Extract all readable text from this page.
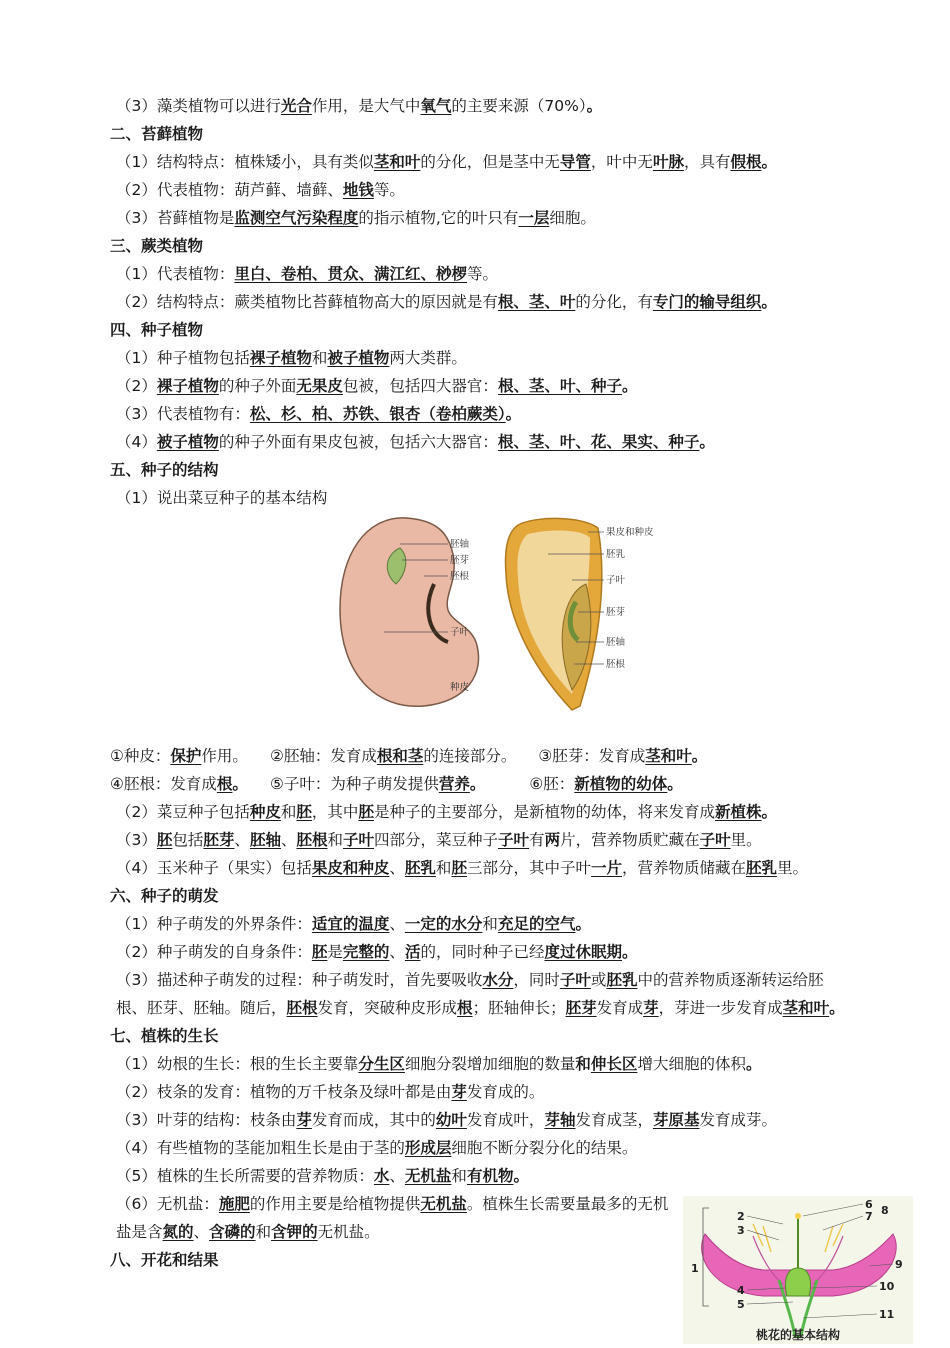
（3）藻类植物可以进行光合作用，是大气中氧气的主要来源（70%）。
二、苔藓植物
（1）结构特点：植株矮小，具有类似茎和叶的分化，但是茎中无导管，叶中无叶脉，具有假根。
（2）代表植物：葫芦藓、墙藓、地钱等。
（3）苔藓植物是监测空气污染程度的指示植物,它的叶只有一层细胞。
三、蕨类植物
（1）代表植物：里白、卷柏、贯众、满江红、桫椤等。
（2）结构特点：蕨类植物比苔藓植物高大的原因就是有根、茎、叶的分化，有专门的输导组织。
四、种子植物
（1）种子植物包括裸子植物和被子植物两大类群。
（2）裸子植物的种子外面无果皮包被，包括四大器官：根、茎、叶、种子。
（3）代表植物有：松、杉、柏、苏铁、银杏（卷柏蕨类）。
（4）被子植物的种子外面有果皮包被，包括六大器官：根、茎、叶、花、果实、种子。
五、种子的结构
（1）说出菜豆种子的基本结构
胚轴
胚芽
胚根
子叶
种皮
果皮和种皮
胚乳
子叶
胚芽
胚轴
胚根
①种皮：保护作用。 ②胚轴：发育成根和茎的连接部分。 ③胚芽：发育成茎和叶。
④胚根：发育成根。 ⑤子叶：为种子萌发提供营养。	⑥胚：新植物的幼体。
（2）菜豆种子包括种皮和胚，其中胚是种子的主要部分，是新植物的幼体，将来发育成新植株。
（3）胚包括胚芽、胚轴、胚根和子叶四部分，菜豆种子子叶有两片，营养物质贮藏在子叶里。
（4）玉米种子（果实）包括果皮和种皮、胚乳和胚三部分，其中子叶一片，营养物质储藏在胚乳里。
六、种子的萌发
（1）种子萌发的外界条件：适宜的温度、一定的水分和充足的空气。
（2）种子萌发的自身条件：胚是完整的、活的，同时种子已经度过休眠期。
（3）描述种子萌发的过程：种子萌发时，首先要吸收水分，同时子叶或胚乳中的营养物质逐渐转运给胚根、胚芽、胚轴。随后，胚根发育，突破种皮形成根；胚轴伸长；胚芽发育成芽，芽进一步发育成茎和叶。
七、植株的生长
（1）幼根的生长：根的生长主要靠分生区细胞分裂增加细胞的数量和伸长区增大细胞的体积。
（2）枝条的发育：植物的万千枝条及绿叶都是由芽发育成的。
（3）叶芽的结构：枝条由芽发育而成，其中的幼叶发育成叶，芽轴发育成茎，芽原基发育成芽。
（4）有些植物的茎能加粗生长是由于茎的形成层细胞不断分裂分化的结果。
（5）植株的生长所需要的营养物质：水、无机盐和有机物。
（6）无机盐：施肥的作用主要是给植物提供无机盐。植株生长需要量最多的无机盐是含氮的、含磷的和含钾的无机盐。
八、开花和结果	1
2
3
4
5
6
7 8
9
10
11
桃花的基本结构
